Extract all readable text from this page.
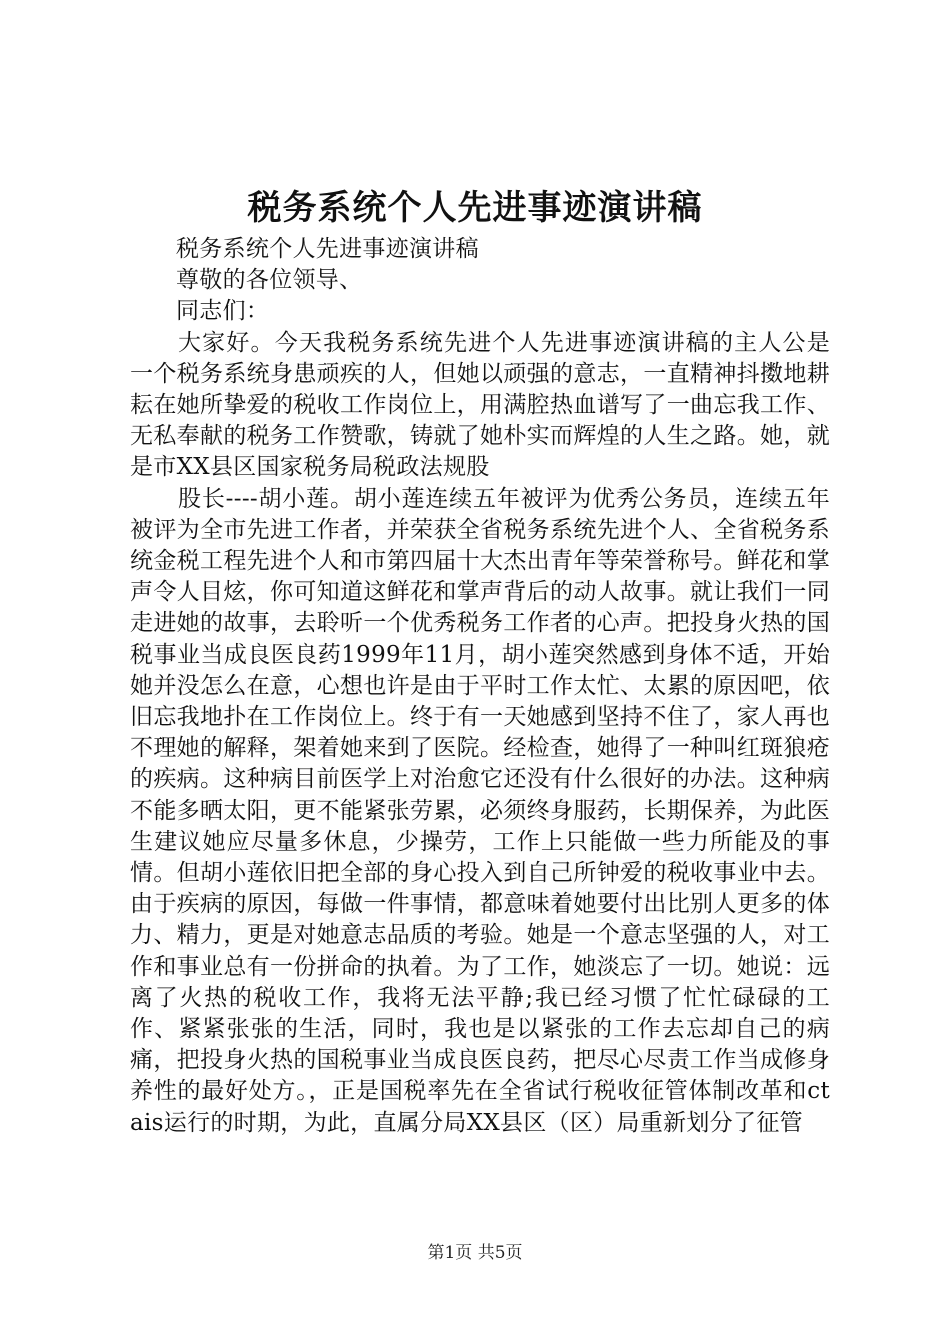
税务系统个人先进事迹演讲稿

税务系统个人先进事迹演讲稿

尊敬的各位领导、

同志们：

大家好。今天我税务系统先进个人先进事迹演讲稿的主人公是一个税务系统身患顽疾的人，但她以顽强的意志，一直精神抖擞地耕耘在她所挚爱的税收工作岗位上，用满腔热血谱写了一曲忘我工作、无私奉献的税务工作赞歌，铸就了她朴实而辉煌的人生之路。她，就是市XX县区国家税务局税政法规股

股长----胡小莲。胡小莲连续五年被评为优秀公务员，连续五年被评为全市先进工作者，并荣获全省税务系统先进个人、全省税务系统金税工程先进个人和市第四届十大杰出青年等荣誉称号。鲜花和掌声令人目炫，你可知道这鲜花和掌声背后的动人故事。就让我们一同走进她的故事，去聆听一个优秀税务工作者的心声。把投身火热的国税事业当成良医良药1999年11月，胡小莲突然感到身体不适，开始她并没怎么在意，心想也许是由于平时工作太忙、太累的原因吧，依旧忘我地扑在工作岗位上。终于有一天她感到坚持不住了，家人再也不理她的解释，架着她来到了医院。经检查，她得了一种叫红斑狼疮的疾病。这种病目前医学上对治愈它还没有什么很好的办法。这种病不能多晒太阳，更不能紧张劳累，必须终身服药，长期保养，为此医生建议她应尽量多休息，少操劳，工作上只能做一些力所能及的事情。但胡小莲依旧把全部的身心投入到自己所钟爱的税收事业中去。由于疾病的原因，每做一件事情，都意味着她要付出比别人更多的体力、精力，更是对她意志品质的考验。她是一个意志坚强的人，对工作和事业总有一份拼命的执着。为了工作，她淡忘了一切。她说：远离了火热的税收工作，我将无法平静;我已经习惯了忙忙碌碌的工作、紧紧张张的生活，同时，我也是以紧张的工作去忘却自己的病痛，把投身火热的国税事业当成良医良药，把尽心尽责工作当成修身养性的最好处方。，正是国税率先在全省试行税收征管体制改革和ctais运行的时期，为此，直属分局XX县区（区）局重新划分了征管

第1页 共5页
